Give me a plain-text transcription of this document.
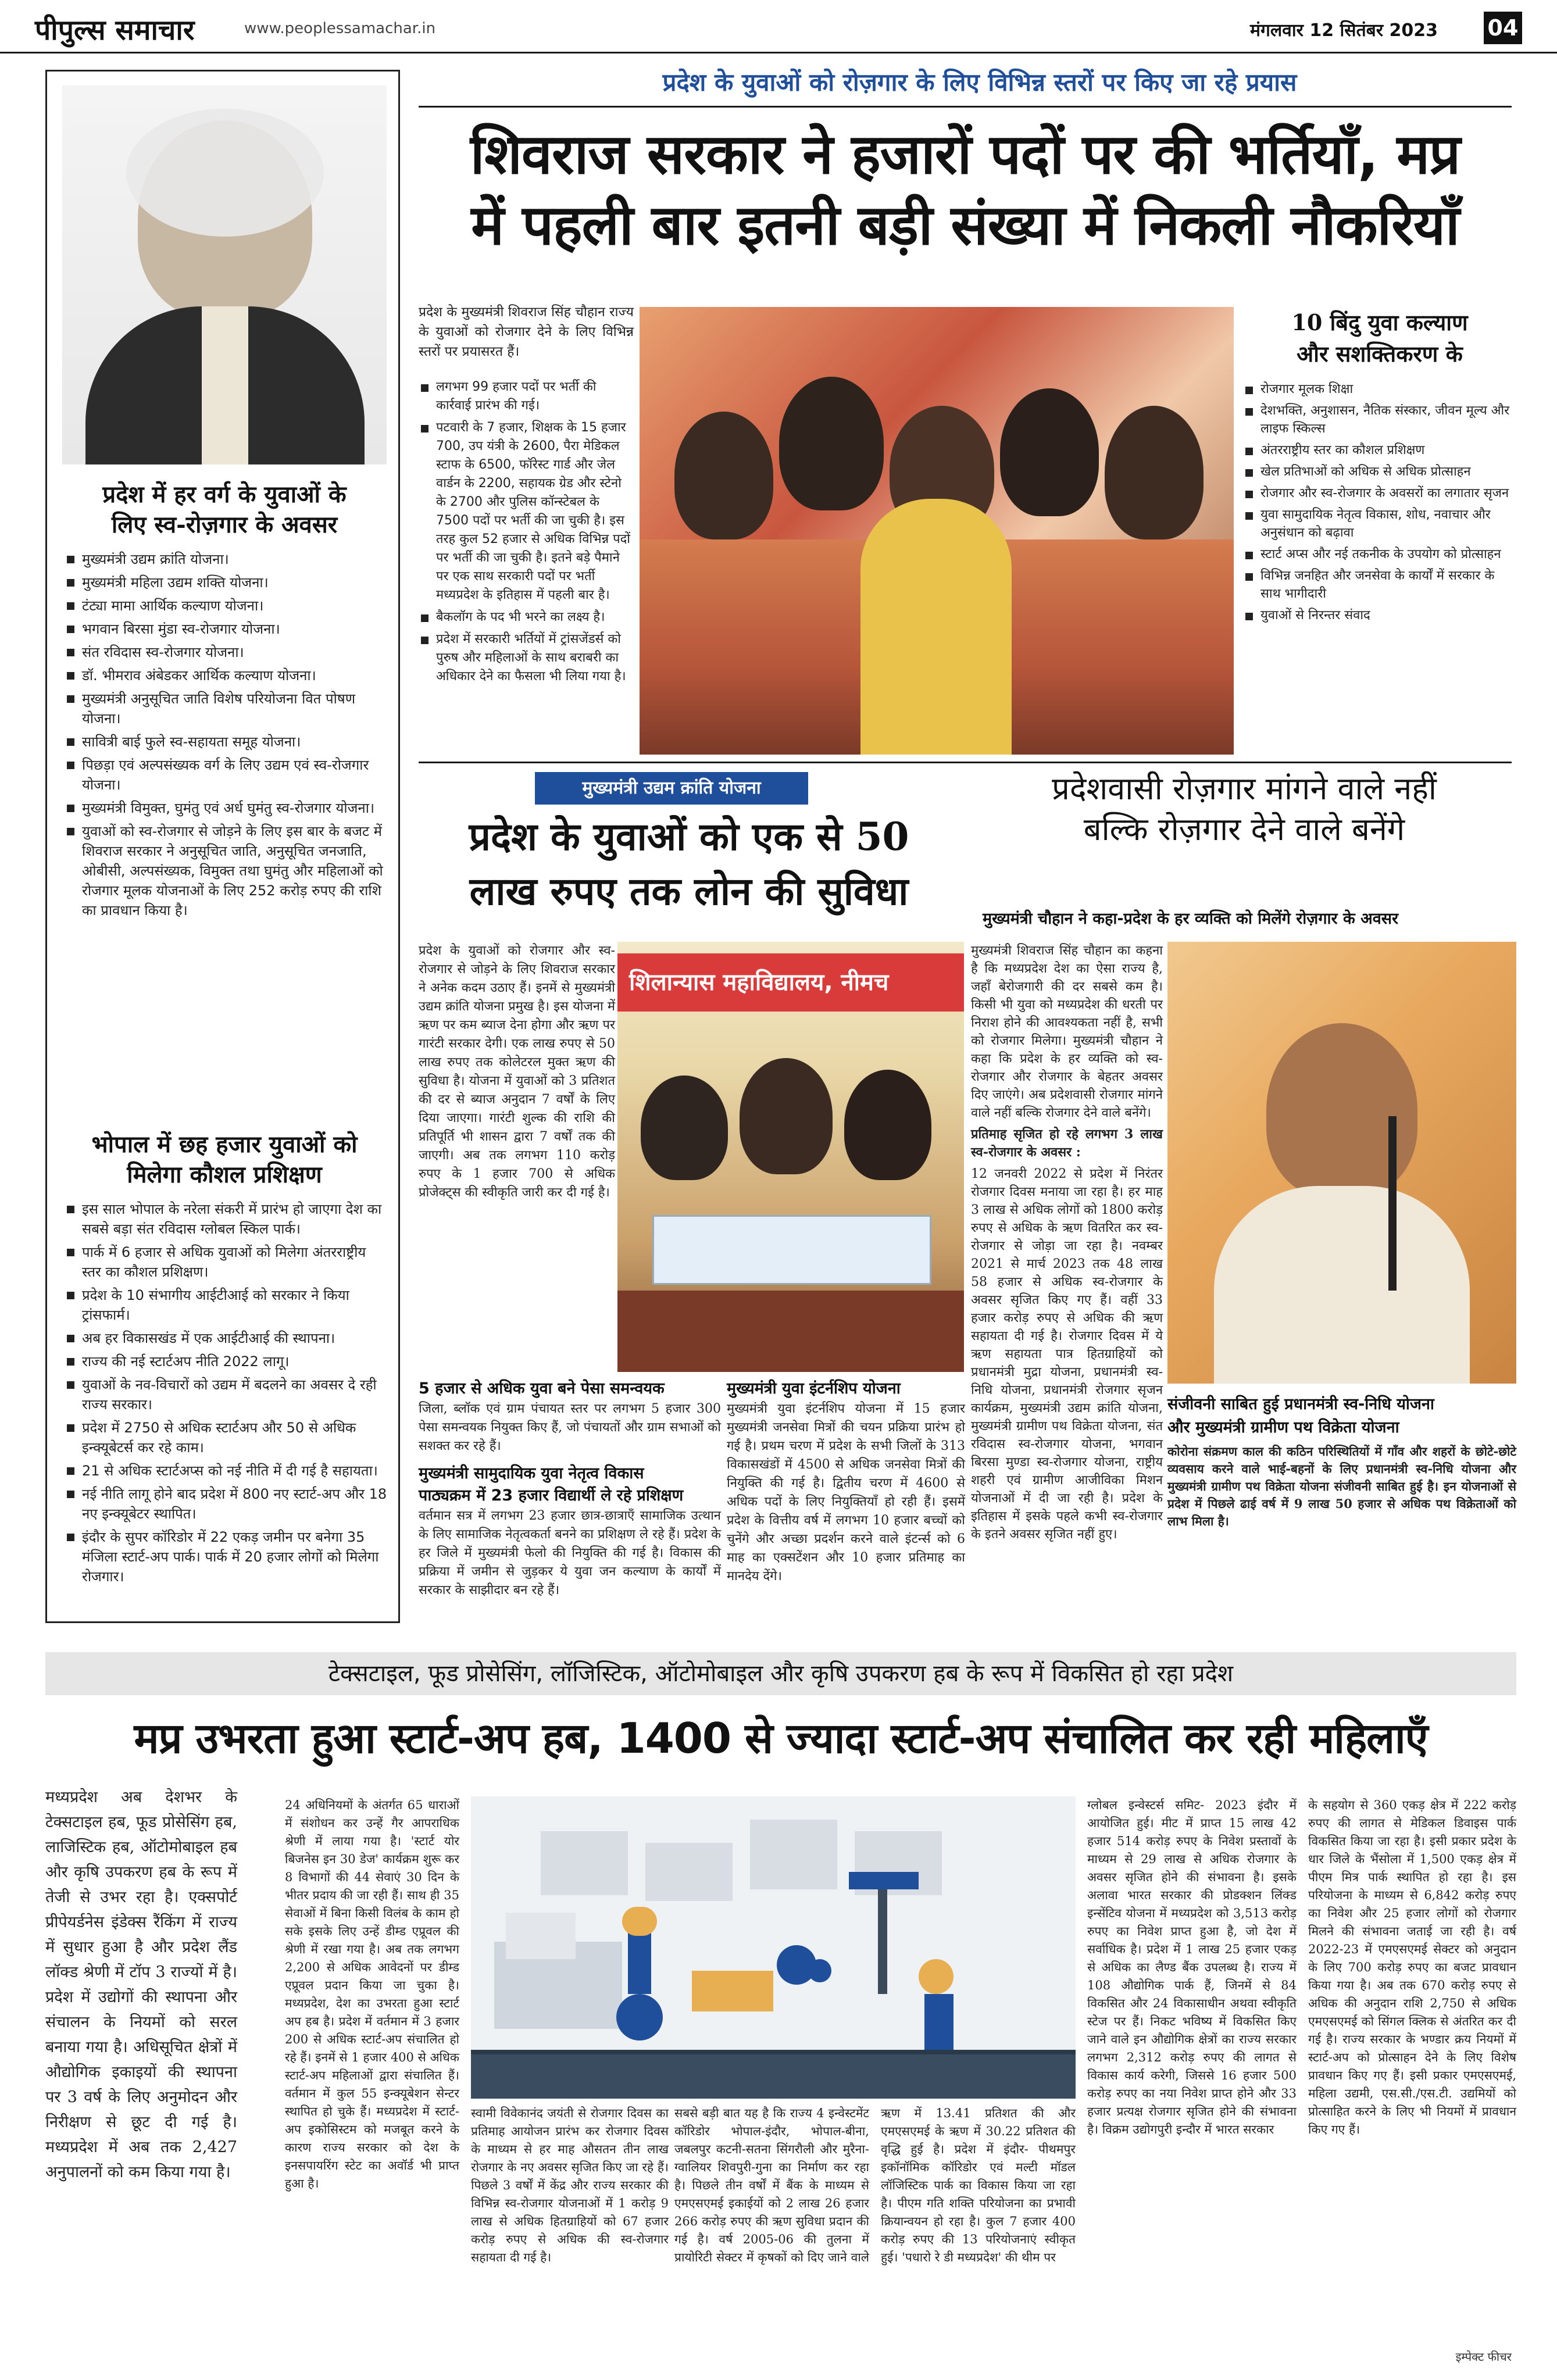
पीपुल्स समाचार	www.peoplessamachar.in	मंगलवार 12 सितंबर 2023 04
प्रदेश में हर वर्ग के युवाओं के
लिए स्व-रोज़गार के अवसर
मुख्यमंत्री उद्यम क्रांति योजना।
मुख्यमंत्री महिला उद्यम शक्ति योजना।
टंट्या मामा आर्थिक कल्याण योजना।
भगवान बिरसा मुंडा स्व-रोजगार योजना।
संत रविदास स्व-रोजगार योजना।
डॉ. भीमराव अंबेडकर आर्थिक कल्याण योजना।
मुख्यमंत्री अनुसूचित जाति विशेष परियोजना वित पोषण योजना।
सावित्री बाई फुले स्व-सहायता समूह योजना।
पिछड़ा एवं अल्पसंख्यक वर्ग के लिए उद्यम एवं स्व-रोजगार योजना।
मुख्यमंत्री विमुक्त, घुमंतु एवं अर्ध घुमंतु स्व-रोजगार योजना।
युवाओं को स्व-रोजगार से जोड़ने के लिए इस बार के बजट में शिवराज सरकार ने अनुसूचित जाति, अनुसूचित जनजाति, ओबीसी, अल्पसंख्यक, विमुक्त तथा घुमंतु और महिलाओं को रोजगार मूलक योजनाओं के लिए 252 करोड़ रुपए की राशि का प्रावधान किया है।
भोपाल में छह हजार युवाओं को
मिलेगा कौशल प्रशिक्षण
इस साल भोपाल के नरेला संकरी में प्रारंभ हो जाएगा देश का सबसे बड़ा संत रविदास ग्लोबल स्किल पार्क।
पार्क में 6 हजार से अधिक युवाओं को मिलेगा अंतरराष्ट्रीय स्तर का कौशल प्रशिक्षण।
प्रदेश के 10 संभागीय आईटीआई को सरकार ने किया ट्रांसफार्म।
अब हर विकासखंड में एक आईटीआई की स्थापना।
राज्य की नई स्टार्टअप नीति 2022 लागू।
युवाओं के नव-विचारों को उद्यम में बदलने का अवसर दे रही राज्य सरकार।
प्रदेश में 2750 से अधिक स्टार्टअप और 50 से अधिक इन्क्यूबेटर्स कर रहे काम।
21 से अधिक स्टार्टअप्स को नई नीति में दी गई है सहायता।
नई नीति लागू होने बाद प्रदेश में 800 नए स्टार्ट-अप और 18 नए इन्क्यूबेटर स्थापित।
इंदौर के सुपर कॉरिडोर में 22 एकड़ जमीन पर बनेगा 35 मंजिला स्टार्ट-अप पार्क। पार्क में 20 हजार लोगों को मिलेगा रोजगार।
प्रदेश के युवाओं को रोज़गार के लिए विभिन्न स्तरों पर किए जा रहे प्रयास
शिवराज सरकार ने हजारों पदों पर की भर्तियाँ, मप्र
में पहली बार इतनी बड़ी संख्या में निकली नौकरियाँ
प्रदेश के मुख्यमंत्री शिवराज सिंह चौहान राज्य के युवाओं को रोजगार देने के लिए विभिन्न स्तरों पर प्रयासरत हैं।
लगभग 99 हजार पदों पर भर्ती की कार्रवाई प्रारंभ की गई।
पटवारी के 7 हजार, शिक्षक के 15 हजार 700, उप यंत्री के 2600, पैरा मेडिकल स्टाफ के 6500, फॉरेस्ट गार्ड और जेल वार्डन के 2200, सहायक ग्रेड और स्टेनो के 2700 और पुलिस कॉन्स्टेबल के 7500 पदों पर भर्ती की जा चुकी है। इस तरह कुल 52 हजार से अधिक विभिन्न पदों पर भर्ती की जा चुकी है। इतने बड़े पैमाने पर एक साथ सरकारी पदों पर भर्ती मध्यप्रदेश के इतिहास में पहली बार है।
बैकलॉग के पद भी भरने का लक्ष्य है।
प्रदेश में सरकारी भर्तियों में ट्रांसजेंडर्स को पुरुष और महिलाओं के साथ बराबरी का अधिकार देने का फैसला भी लिया गया है।
10 बिंदु युवा कल्याण
और सशक्तिकरण के
रोजगार मूलक शिक्षा
देशभक्ति, अनुशासन, नैतिक संस्कार, जीवन मूल्य और लाइफ स्किल्स
अंतरराष्ट्रीय स्तर का कौशल प्रशिक्षण
खेल प्रतिभाओं को अधिक से अधिक प्रोत्साहन
रोजगार और स्व-रोजगार के अवसरों का लगातार सृजन
युवा सामुदायिक नेतृत्व विकास, शोध, नवाचार और अनुसंधान को बढ़ावा
स्टार्ट अप्स और नई तकनीक के उपयोग को प्रोत्साहन
विभिन्न जनहित और जनसेवा के कार्यों में सरकार के साथ भागीदारी
युवाओं से निरन्तर संवाद
मुख्यमंत्री उद्यम क्रांति योजना
प्रदेश के युवाओं को एक से 50
लाख रुपए तक लोन की सुविधा
प्रदेश के युवाओं को रोजगार और स्व-रोजगार से जोड़ने के लिए शिवराज सरकार ने अनेक कदम उठाए हैं। इनमें से मुख्यमंत्री उद्यम क्रांति योजना प्रमुख है। इस योजना में ऋण पर कम ब्याज देना होगा और ऋण पर गारंटी सरकार देगी। एक लाख रुपए से 50 लाख रुपए तक कोलेटरल मुक्त ऋण की सुविधा है। योजना में युवाओं को 3 प्रतिशत की दर से ब्याज अनुदान 7 वर्षों के लिए दिया जाएगा। गारंटी शुल्क की राशि की प्रतिपूर्ति भी शासन द्वारा 7 वर्षों तक की जाएगी। अब तक लगभग 110 करोड़ रुपए के 1 हजार 700 से अधिक प्रोजेक्ट्स की स्वीकृति जारी कर दी गई है।
शिलान्यास महाविद्यालय, नीमच
5 हजार से अधिक युवा बने पेसा समन्वयक
जिला, ब्लॉक एवं ग्राम पंचायत स्तर पर लगभग 5 हजार 300 पेसा समन्वयक नियुक्त किए हैं, जो पंचायतों और ग्राम सभाओं को सशक्त कर रहे हैं।
मुख्यमंत्री सामुदायिक युवा नेतृत्व विकास
पाठ्यक्रम में 23 हजार विद्यार्थी ले रहे प्रशिक्षण
वर्तमान सत्र में लगभग 23 हजार छात्र-छात्राएँ सामाजिक उत्थान के लिए सामाजिक नेतृत्वकर्ता बनने का प्रशिक्षण ले रहे हैं। प्रदेश के हर जिले में मुख्यमंत्री फेलो की नियुक्ति की गई है। विकास की प्रक्रिया में जमीन से जुड़कर ये युवा जन कल्याण के कार्यों में सरकार के साझीदार बन रहे हैं।
मुख्यमंत्री युवा इंटर्नशिप योजना
मुख्यमंत्री युवा इंटर्नशिप योजना में 15 हजार मुख्यमंत्री जनसेवा मित्रों की चयन प्रक्रिया प्रारंभ हो गई है। प्रथम चरण में प्रदेश के सभी जिलों के 313 विकासखंडों में 4500 से अधिक जनसेवा मित्रों की नियुक्ति की गई है। द्वितीय चरण में 4600 से अधिक पदों के लिए नियुक्तियाँ हो रही हैं। इसमें प्रदेश के वित्तीय वर्ष में लगभग 10 हजार बच्चों को चुनेंगे और अच्छा प्रदर्शन करने वाले इंटर्न्स को 6 माह का एक्सटेंशन और 10 हजार प्रतिमाह का मानदेय देंगे।
प्रदेशवासी रोज़गार मांगने वाले नहीं
बल्कि रोज़गार देने वाले बनेंगे
मुख्यमंत्री चौहान ने कहा-प्रदेश के हर व्यक्ति को मिलेंगे रोज़गार के अवसर

मुख्यमंत्री शिवराज सिंह चौहान का कहना है कि मध्यप्रदेश देश का ऐसा राज्य है, जहाँ बेरोजगारी की दर सबसे कम है। किसी भी युवा को मध्यप्रदेश की धरती पर निराश होने की आवश्यकता नहीं है, सभी को रोजगार मिलेगा। मुख्यमंत्री चौहान ने कहा कि प्रदेश के हर व्यक्ति को स्व-रोजगार और रोजगार के बेहतर अवसर दिए जाएंगे। अब प्रदेशवासी रोजगार मांगने वाले नहीं बल्कि रोजगार देने वाले बनेंगे।

प्रतिमाह सृजित हो रहे लगभग 3 लाख स्व-रोजगार के अवसर :

12 जनवरी 2022 से प्रदेश में निरंतर रोजगार दिवस मनाया जा रहा है। हर माह 3 लाख से अधिक लोगों को 1800 करोड़ रुपए से अधिक के ऋण वितरित कर स्व-रोजगार से जोड़ा जा रहा है। नवम्बर 2021 से मार्च 2023 तक 48 लाख 58 हजार से अधिक स्व-रोजगार के अवसर सृजित किए गए हैं। वहीं 33 हजार करोड़ रुपए से अधिक की ऋण सहायता दी गई है। रोजगार दिवस में ये ऋण सहायता पात्र हितग्राहियों को प्रधानमंत्री मुद्रा योजना, प्रधानमंत्री स्व-निधि योजना, प्रधानमंत्री रोजगार सृजन कार्यक्रम, मुख्यमंत्री उद्यम क्रांति योजना, मुख्यमंत्री ग्रामीण पथ विक्रेता योजना, संत रविदास स्व-रोजगार योजना, भगवान बिरसा मुण्डा स्व-रोजगार योजना, राष्ट्रीय शहरी एवं ग्रामीण आजीविका मिशन योजनाओं में दी जा रही है। प्रदेश के इतिहास में इसके पहले कभी स्व-रोजगार के इतने अवसर सृजित नहीं हुए।

संजीवनी साबित हुई प्रधानमंत्री स्व-निधि योजना
और मुख्यमंत्री ग्रामीण पथ विक्रेता योजना
कोरोना संक्रमण काल की कठिन परिस्थितियों में गाँव और शहरों के छोटे-छोटे व्यवसाय करने वाले भाई-बहनों के लिए प्रधानमंत्री स्व-निधि योजना और मुख्यमंत्री ग्रामीण पथ विक्रेता योजना संजीवनी साबित हुई है। इन योजनाओं से प्रदेश में पिछले ढाई वर्ष में 9 लाख 50 हजार से अधिक पथ विक्रेताओं को लाभ मिला है।
टेक्सटाइल, फूड प्रोसेसिंग, लॉजिस्टिक, ऑटोमोबाइल और कृषि उपकरण हब के रूप में विकसित हो रहा प्रदेश
मप्र उभरता हुआ स्टार्ट-अप हब, 1400 से ज्यादा स्टार्ट-अप संचालित कर रही महिलाएँ
मध्यप्रदेश अब देशभर के टेक्सटाइल हब, फूड प्रोसेसिंग हब, लाजिस्टिक हब, ऑटोमोबाइल हब और कृषि उपकरण हब के रूप में तेजी से उभर रहा है। एक्सपोर्ट प्रीपेयर्डनेस इंडेक्स रैंकिंग में राज्य में सुधार हुआ है और प्रदेश लैंड लॉक्ड श्रेणी में टॉप 3 राज्यों में है। प्रदेश में उद्योगों की स्थापना और संचालन के नियमों को सरल बनाया गया है। अधिसूचित क्षेत्रों में औद्योगिक इकाइयों की स्थापना पर 3 वर्ष के लिए अनुमोदन और निरीक्षण से छूट दी गई है। मध्यप्रदेश में अब तक 2,427 अनुपालनों को कम किया गया है।
24 अधिनियमों के अंतर्गत 65 धाराओं में संशोधन कर उन्हें गैर आपराधिक श्रेणी में लाया गया है। 'स्टार्ट योर बिजनेस इन 30 डेज' कार्यक्रम शुरू कर 8 विभागों की 44 सेवाएं 30 दिन के भीतर प्रदाय की जा रही हैं। साथ ही 35 सेवाओं में बिना किसी विलंब के काम हो सके इसके लिए उन्हें डीम्ड एप्रूवल की श्रेणी में रखा गया है। अब तक लगभग 2,200 से अधिक आवेदनों पर डीम्ड एप्रूवल प्रदान किया जा चुका है। मध्यप्रदेश, देश का उभरता हुआ स्टार्ट अप हब है। प्रदेश में वर्तमान में 3 हजार 200 से अधिक स्टार्ट-अप संचालित हो रहे हैं। इनमें से 1 हजार 400 से अधिक स्टार्ट-अप महिलाओं द्वारा संचालित हैं। वर्तमान में कुल 55 इन्क्यूबेशन सेन्टर स्थापित हो चुके हैं। मध्यप्रदेश में स्टार्ट-अप इकोसिस्टम को मजबूत करने के कारण राज्य सरकार को देश के इनसपायरिंग स्टेट का अवॉर्ड भी प्राप्त हुआ है।
स्वामी विवेकानंद जयंती से रोजगार दिवस का प्रतिमाह आयोजन प्रारंभ कर रोजगार दिवस के माध्यम से हर माह औसतन तीन लाख रोजगार के नए अवसर सृजित किए जा रहे हैं। पिछले 3 वर्षों में केंद्र और राज्य सरकार की विभिन्न स्व-रोजगार योजनाओं में 1 करोड़ 9 लाख से अधिक हितग्राहियों को 67 हजार करोड़ रुपए से अधिक की स्व-रोजगार सहायता दी गई है।
सबसे बड़ी बात यह है कि राज्य 4 इन्वेस्टमेंट कॉरिडोर भोपाल-इंदौर, भोपाल-बीना, जबलपुर कटनी-सतना सिंगरौली और मुरैना-ग्वालियर शिवपुरी-गुना का निर्माण कर रहा है। पिछले तीन वर्षों में बैंक के माध्यम से एमएसएमई इकाईयों को 2 लाख 26 हजार 266 करोड़ रुपए की ऋण सुविधा प्रदान की गई है। वर्ष 2005-06 की तुलना में प्रायोरिटी सेक्टर में कृषकों को दिए जाने वाले ऋण में 13.41 प्रतिशत की और एमएसएमई के ऋण में 30.22 प्रतिशत की वृद्धि हुई है। प्रदेश में इंदौर- पीथमपुर इकॉनॉमिक कॉरिडोर एवं मल्टी मॉडल लॉजिस्टिक पार्क का विकास किया जा रहा है। पीएम गति शक्ति परियोजना का प्रभावी क्रियान्वयन हो रहा है। कुल 7 हजार 400 करोड़ रुपए की 13 परियोजनाएं स्वीकृत हुई। 'पधारो रे डी मध्यप्रदेश' की थीम पर
ग्लोबल इन्वेस्टर्स समिट- 2023 इंदौर में आयोजित हुई। मीट में प्राप्त 15 लाख 42 हजार 514 करोड़ रुपए के निवेश प्रस्तावों के माध्यम से 29 लाख से अधिक रोजगार के अवसर सृजित होने की संभावना है। इसके अलावा भारत सरकार की प्रोडक्शन लिंक्ड इन्सेंटिव योजना में मध्यप्रदेश को 3,513 करोड़ रुपए का निवेश प्राप्त हुआ है, जो देश में सर्वाधिक है। प्रदेश में 1 लाख 25 हजार एकड़ से अधिक का लैण्ड बैंक उपलब्ध है। राज्य में 108 औद्योगिक पार्क हैं, जिनमें से 84 विकसित और 24 विकासाधीन अथवा स्वीकृति स्टेज पर हैं। निकट भविष्य में विकसित किए जाने वाले इन औद्योगिक क्षेत्रों का राज्य सरकार लगभग 2,312 करोड़ रुपए की लागत से विकास कार्य करेगी, जिससे 16 हजार 500 करोड़ रुपए का नया निवेश प्राप्त होने और 33 हजार प्रत्यक्ष रोजगार सृजित होने की संभावना है। विक्रम उद्योगपुरी इन्दौर में भारत सरकार
के सहयोग से 360 एकड़ क्षेत्र में 222 करोड़ रुपए की लागत से मेडिकल डिवाइस पार्क विकसित किया जा रहा है। इसी प्रकार प्रदेश के धार जिले के भैंसोला में 1,500 एकड़ क्षेत्र में पीएम मित्र पार्क स्थापित हो रहा है। इस परियोजना के माध्यम से 6,842 करोड़ रुपए का निवेश और 25 हजार लोगों को रोजगार मिलने की संभावना जताई जा रही है। वर्ष 2022-23 में एमएसएमई सेक्टर को अनुदान के लिए 700 करोड़ रुपए का बजट प्रावधान किया गया है। अब तक 670 करोड़ रुपए से अधिक की अनुदान राशि 2,750 से अधिक एमएसएमई को सिंगल क्लिक से अंतरित कर दी गई है। राज्य सरकार के भण्डार क्रय नियमों में स्टार्ट-अप को प्रोत्साहन देने के लिए विशेष प्रावधान किए गए हैं। इसी प्रकार एमएसएमई, महिला उद्यमी, एस.सी./एस.टी. उद्यमियों को प्रोत्साहित करने के लिए भी नियमों में प्रावधान किए गए हैं।
इम्पेक्ट फीचर
